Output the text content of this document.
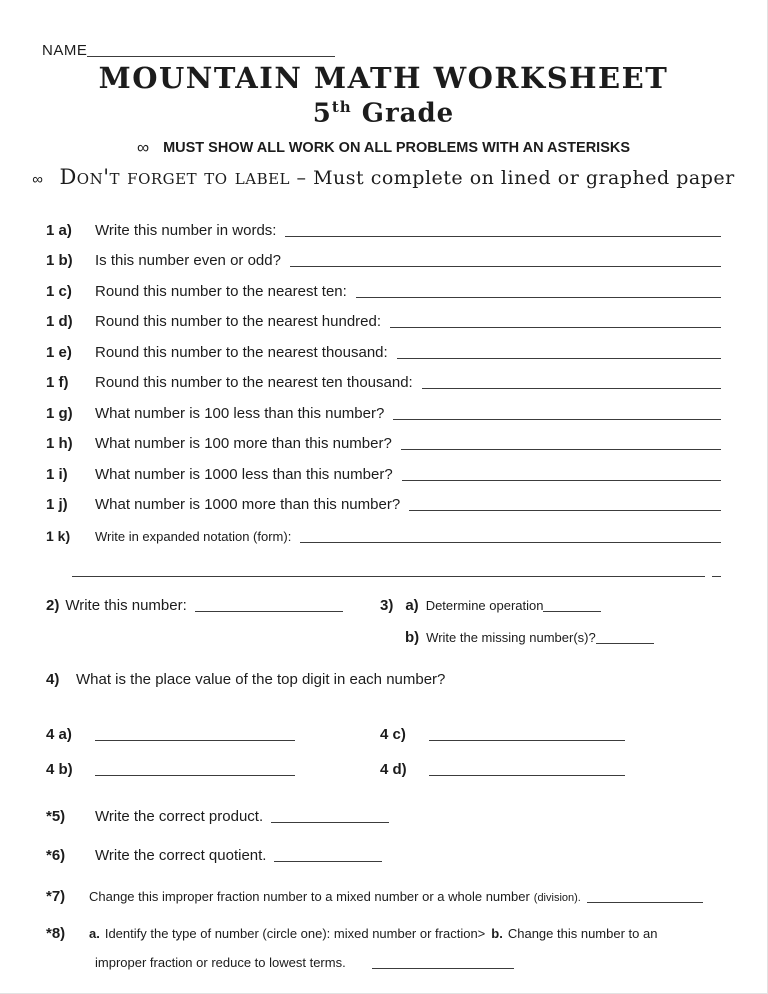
NAME
MOUNTAIN MATH WORKSHEET
5th Grade
∞ MUST SHOW ALL WORK ON ALL PROBLEMS WITH AN ASTERISKS
∞ Don't forget to label – Must complete on lined or graphed paper
1 a)	Write this number in words:
1 b)	Is this number even or odd?
1 c)	Round this number to the nearest ten:
1 d)	Round this number to the nearest hundred:
1 e)	Round this number to the nearest thousand:
1 f)	Round this number to the nearest ten thousand:
1 g)	What number is 100 less than this number?
1 h)	What number is 100 more than this number?
1 i)	What number is 1000 less than this number?
1 j)	What number is 1000 more than this number?
1 k)	Write in expanded notation (form):
2) Write this number:	3) a) Determine operation
b) Write the missing number(s)?
4)	What is the place value of the top digit in each number?
4 a)	4 c)
4 b)	4 d)
*5)	Write the correct product.
*6)	Write the correct quotient.
*7)	Change this improper fraction number to a mixed number or a whole number (division).
*8)	a. Identify the type of number (circle one): mixed number or fraction> b. Change this number to an
improper fraction or reduce to lowest terms.
